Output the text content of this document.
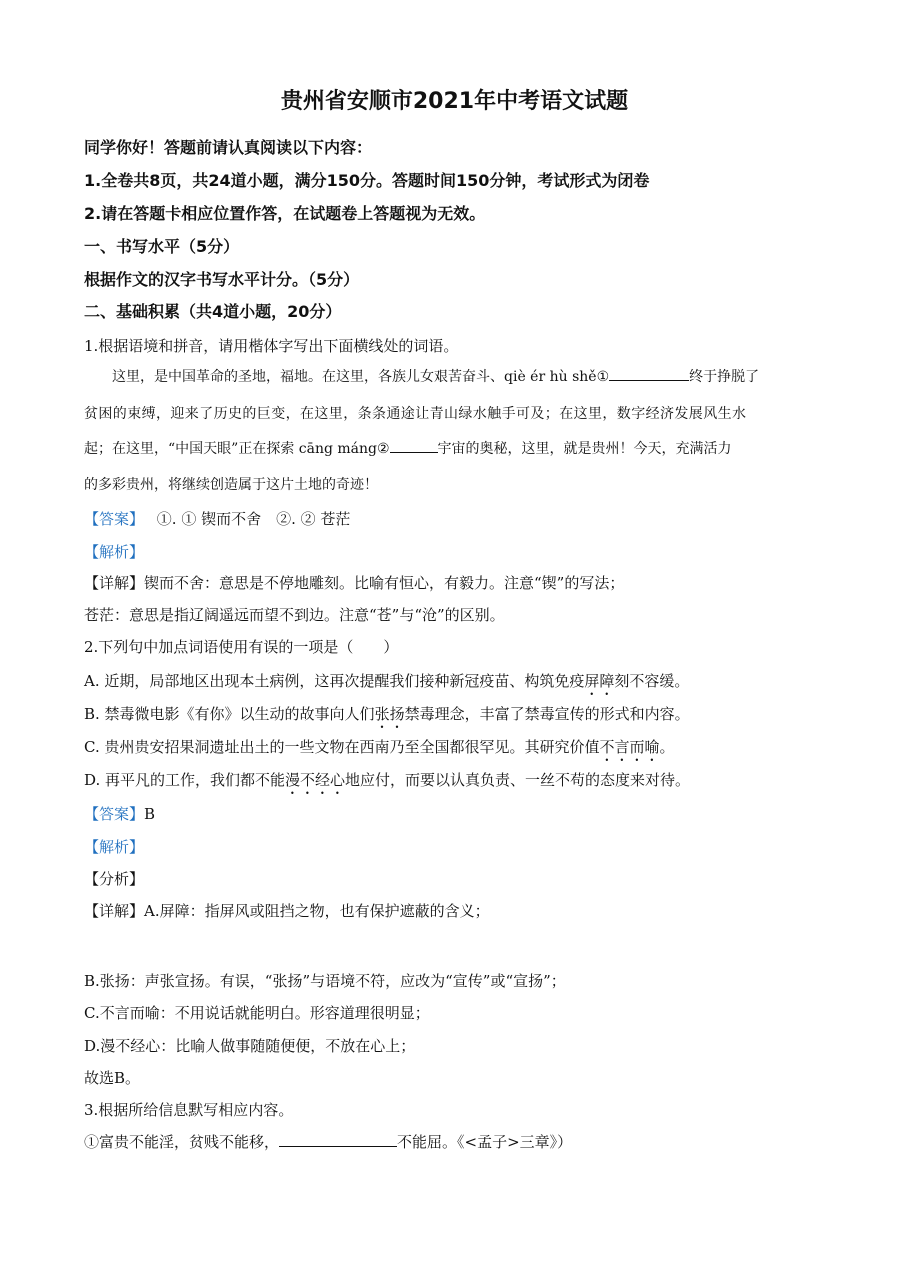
贵州省安顺市2021年中考语文试题
同学你好！答题前请认真阅读以下内容：
1.全卷共8页，共24道小题，满分150分。答题时间150分钟，考试形式为闭卷
2.请在答题卡相应位置作答，在试题卷上答题视为无效。
一、书写水平（5分）
根据作文的汉字书写水平计分。（5分）
二、基础积累（共4道小题，20分）
1.根据语境和拼音，请用楷体字写出下面横线处的词语。
这里，是中国革命的圣地，福地。在这里，各族儿女艰苦奋斗、qiè ér hù shě①	终于挣脱了
贫困的束缚，迎来了历史的巨变，在这里，条条通途让青山绿水触手可及；在这里，数字经济发展风生水
起；在这里，“中国天眼”正在探索 cāng máng②	宇宙的奥秘，这里，就是贵州！今天，充满活力
的多彩贵州，将继续创造属于这片土地的奇迹！
【答案】 ①. ① 锲而不舍　②. ② 苍茫
【解析】
【详解】锲而不舍：意思是不停地雕刻。比喻有恒心，有毅力。注意“锲”的写法；
苍茫：意思是指辽阔遥远而望不到边。注意“苍”与“沧”的区别。
2.下列句中加点词语使用有误的一项是（　　）
A. 近期，局部地区出现本土病例，这再次提醒我们接种新冠疫苗、构筑免疫屏障刻不容缓。
B. 禁毒微电影《有你》以生动的故事向人们张扬禁毒理念，丰富了禁毒宣传的形式和内容。
C. 贵州贵安招果洞遗址出土的一些文物在西南乃至全国都很罕见。其研究价值不言而喻。
D. 再平凡的工作，我们都不能漫不经心地应付，而要以认真负责、一丝不苟的态度来对待。
【答案】B
【解析】
【分析】
【详解】A.屏障：指屏风或阻挡之物，也有保护遮蔽的含义；
B.张扬：声张宣扬。有误，“张扬”与语境不符，应改为“宣传”或“宣扬”；
C.不言而喻：不用说话就能明白。形容道理很明显；
D.漫不经心：比喻人做事随随便便，不放在心上；
故选B。
3.根据所给信息默写相应内容。
①富贵不能淫，贫贱不能移，	不能屈。《<孟子>三章》）
